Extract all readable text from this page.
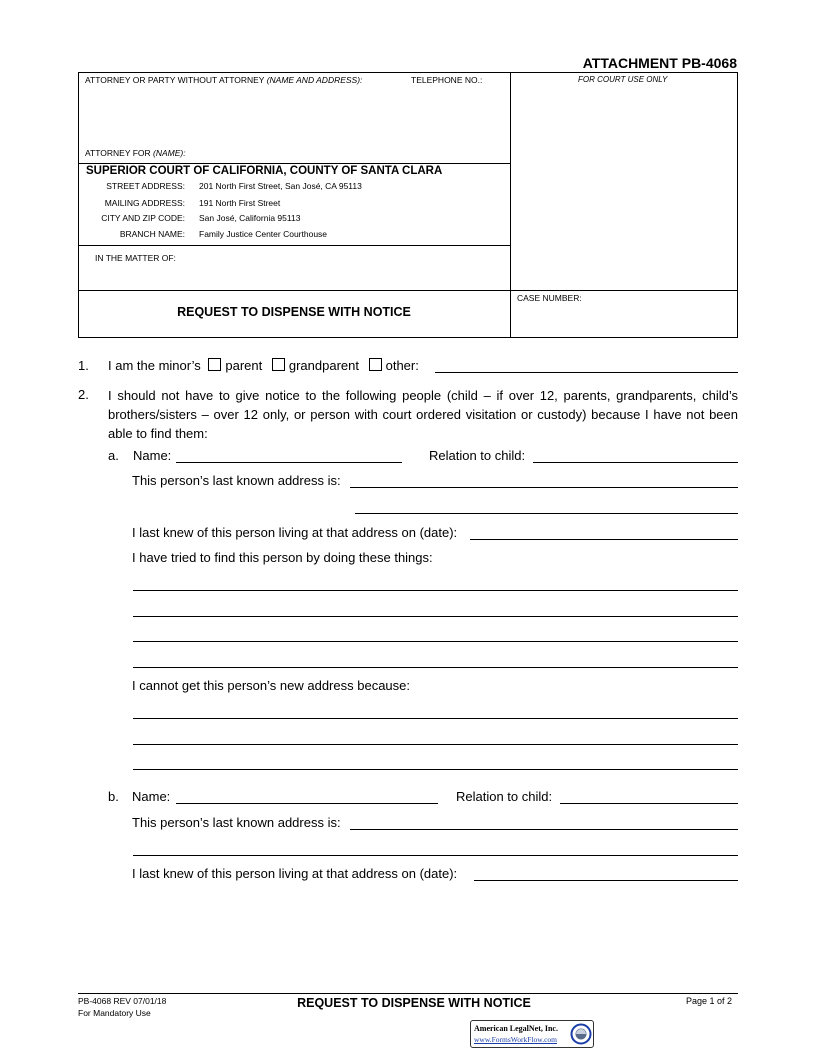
ATTACHMENT PB-4068
ATTORNEY OR PARTY WITHOUT ATTORNEY (NAME AND ADDRESS):	TELEPHONE NO.:	FOR COURT USE ONLY
ATTORNEY FOR (NAME):
SUPERIOR COURT OF CALIFORNIA, COUNTY OF SANTA CLARA
STREET ADDRESS: 201 North First Street, San José, CA 95113
MAILING ADDRESS: 191 North First Street
CITY AND ZIP CODE: San José, California 95113
BRANCH NAME: Family Justice Center Courthouse
IN THE MATTER OF:
REQUEST TO DISPENSE WITH NOTICE
CASE NUMBER:
1. I am the minor’s parent grandparent other:
2. I should not have to give notice to the following people (child – if over 12, parents, grandparents, child’s brothers/sisters – over 12 only, or person with court ordered visitation or custody) because I have not been able to find them:
a. Name:	Relation to child:
This person’s last known address is:
I last knew of this person living at that address on (date):
I have tried to find this person by doing these things:
I cannot get this person’s new address because:
b. Name:	Relation to child:
This person’s last known address is:
I last knew of this person living at that address on (date):
PB-4068 REV 07/01/18
For Mandatory Use
REQUEST TO DISPENSE WITH NOTICE	Page 1 of 2
American LegalNet, Inc.
www.FormsWorkFlow.com
